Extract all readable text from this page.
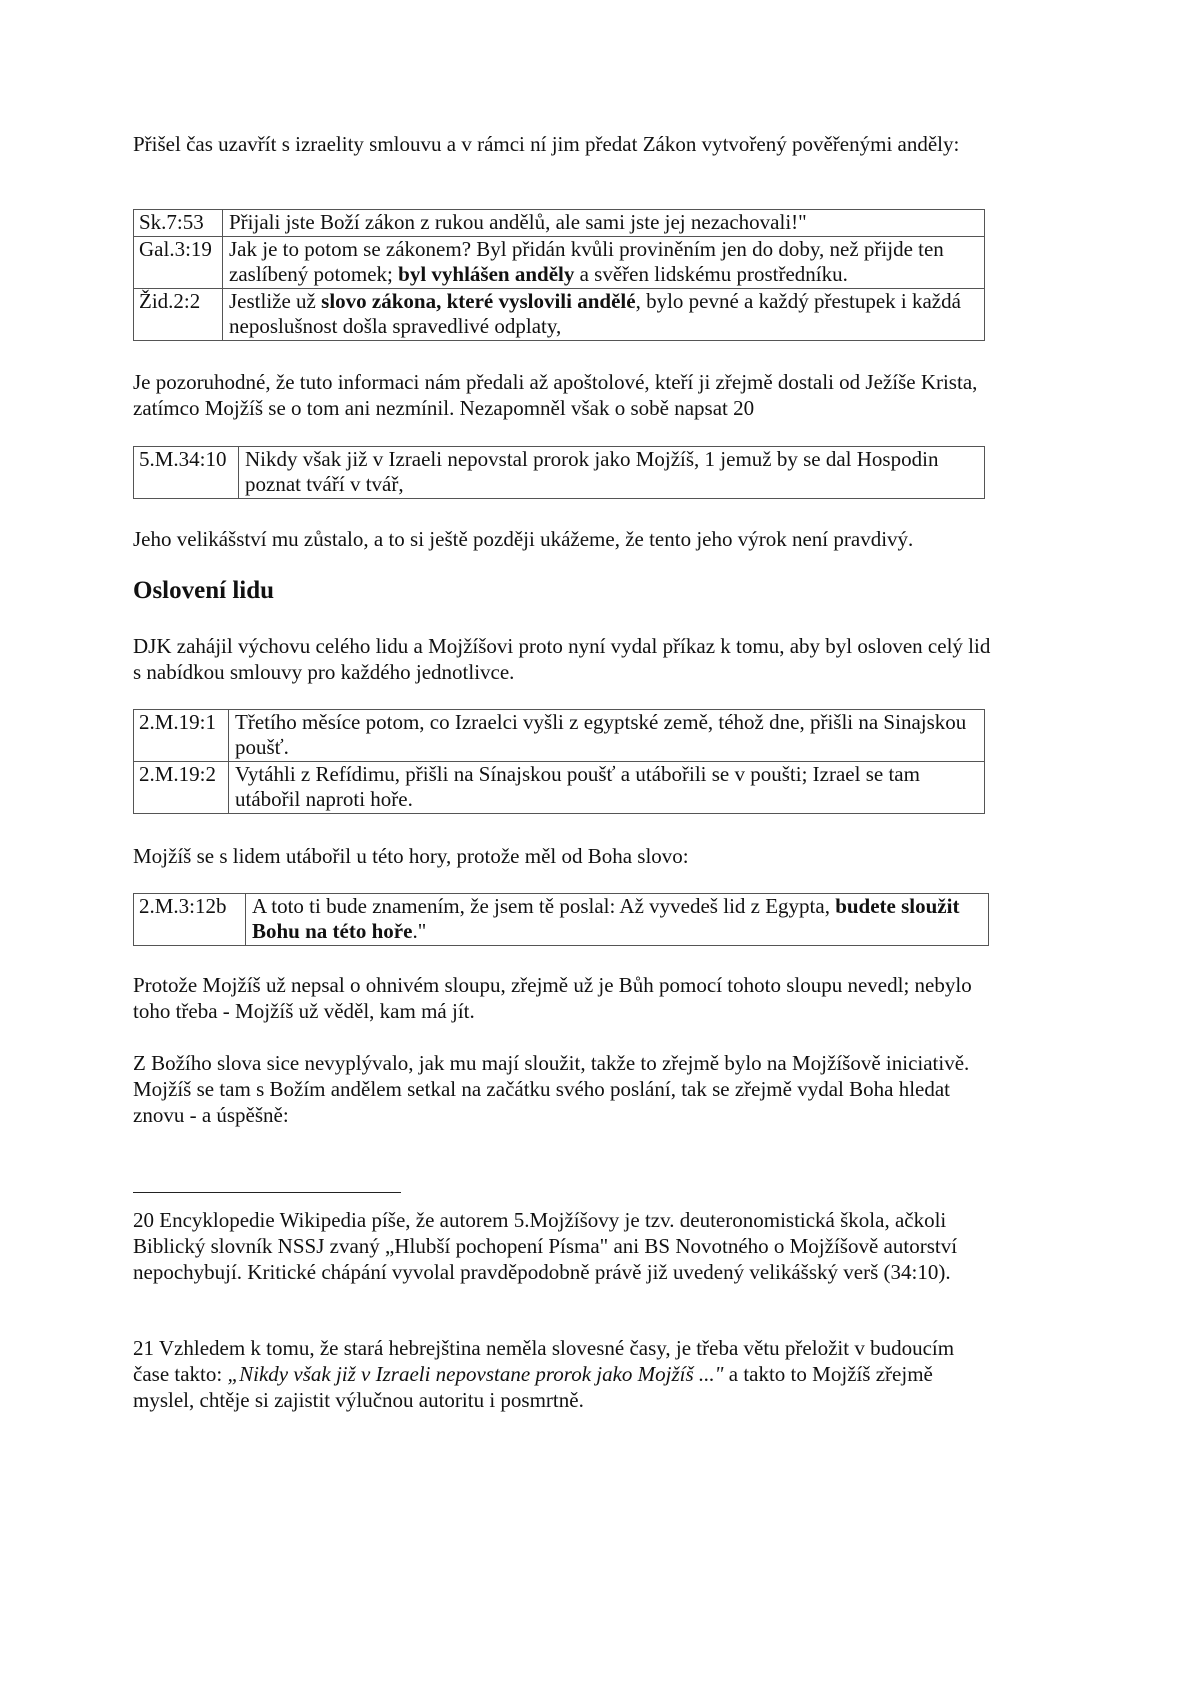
Přišel čas uzavřít s izraelity smlouvu a v rámci ní jim předat Zákon vytvořený pověřenými anděly:

Sk.7:53	Přijali jste Boží zákon z rukou andělů, ale sami jste jej nezachovali!"
Gal.3:19	Jak je to potom se zákonem? Byl přidán kvůli proviněním jen do doby, než přijde ten zaslíbený potomek; byl vyhlášen anděly a svěřen lidskému prostředníku.
Žid.2:2	Jestliže už slovo zákona, které vyslovili andělé, bylo pevné a každý přestupek i každá neposlušnost došla spravedlivé odplaty,

Je pozoruhodné, že tuto informaci nám předali až apoštolové, kteří ji zřejmě dostali od Ježíše Krista, zatímco Mojžíš se o tom ani nezmínil. Nezapomněl však o sobě napsat 20

5.M.34:10	Nikdy však již v Izraeli nepovstal prorok jako Mojžíš, 1 jemuž by se dal Hospodin poznat tváří v tvář,

Jeho velikášství mu zůstalo, a to si ještě později ukážeme, že tento jeho výrok není pravdivý.

Oslovení lidu

DJK zahájil výchovu celého lidu a Mojžíšovi proto nyní vydal příkaz k tomu, aby byl osloven celý lid s nabídkou smlouvy pro každého jednotlivce.

2.M.19:1	Třetího měsíce potom, co Izraelci vyšli z egyptské země, téhož dne, přišli na Sinajskou poušť.
2.M.19:2	Vytáhli z Refídimu, přišli na Sínajskou poušť a utábořili se v poušti; Izrael se tam utábořil naproti hoře.

Mojžíš se s lidem utábořil u této hory, protože měl od Boha slovo:

2.M.3:12b	A toto ti bude znamením, že jsem tě poslal: Až vyvedeš lid z Egypta, budete sloužit Bohu na této hoře."

Protože Mojžíš už nepsal o ohnivém sloupu, zřejmě už je Bůh pomocí tohoto sloupu nevedl; nebylo toho třeba - Mojžíš už věděl, kam má jít.

Z Božího slova sice nevyplývalo, jak mu mají sloužit, takže to zřejmě bylo na Mojžíšově iniciativě. Mojžíš se tam s Božím andělem setkal na začátku svého poslání, tak se zřejmě vydal Boha hledat znovu - a úspěšně:

20 Encyklopedie Wikipedia píše, že autorem 5.Mojžíšovy je tzv. deuteronomistická škola, ačkoli Biblický slovník NSSJ zvaný „Hlubší pochopení Písma" ani BS Novotného o Mojžíšově autorství nepochybují. Kritické chápání vyvolal pravděpodobně právě již uvedený velikášský verš (34:10).

21 Vzhledem k tomu, že stará hebrejština neměla slovesné časy, je třeba větu přeložit v budoucím čase takto: „Nikdy však již v Izraeli nepovstane prorok jako Mojžíš ..." a takto to Mojžíš zřejmě myslel, chtěje si zajistit výlučnou autoritu i posmrtně.
